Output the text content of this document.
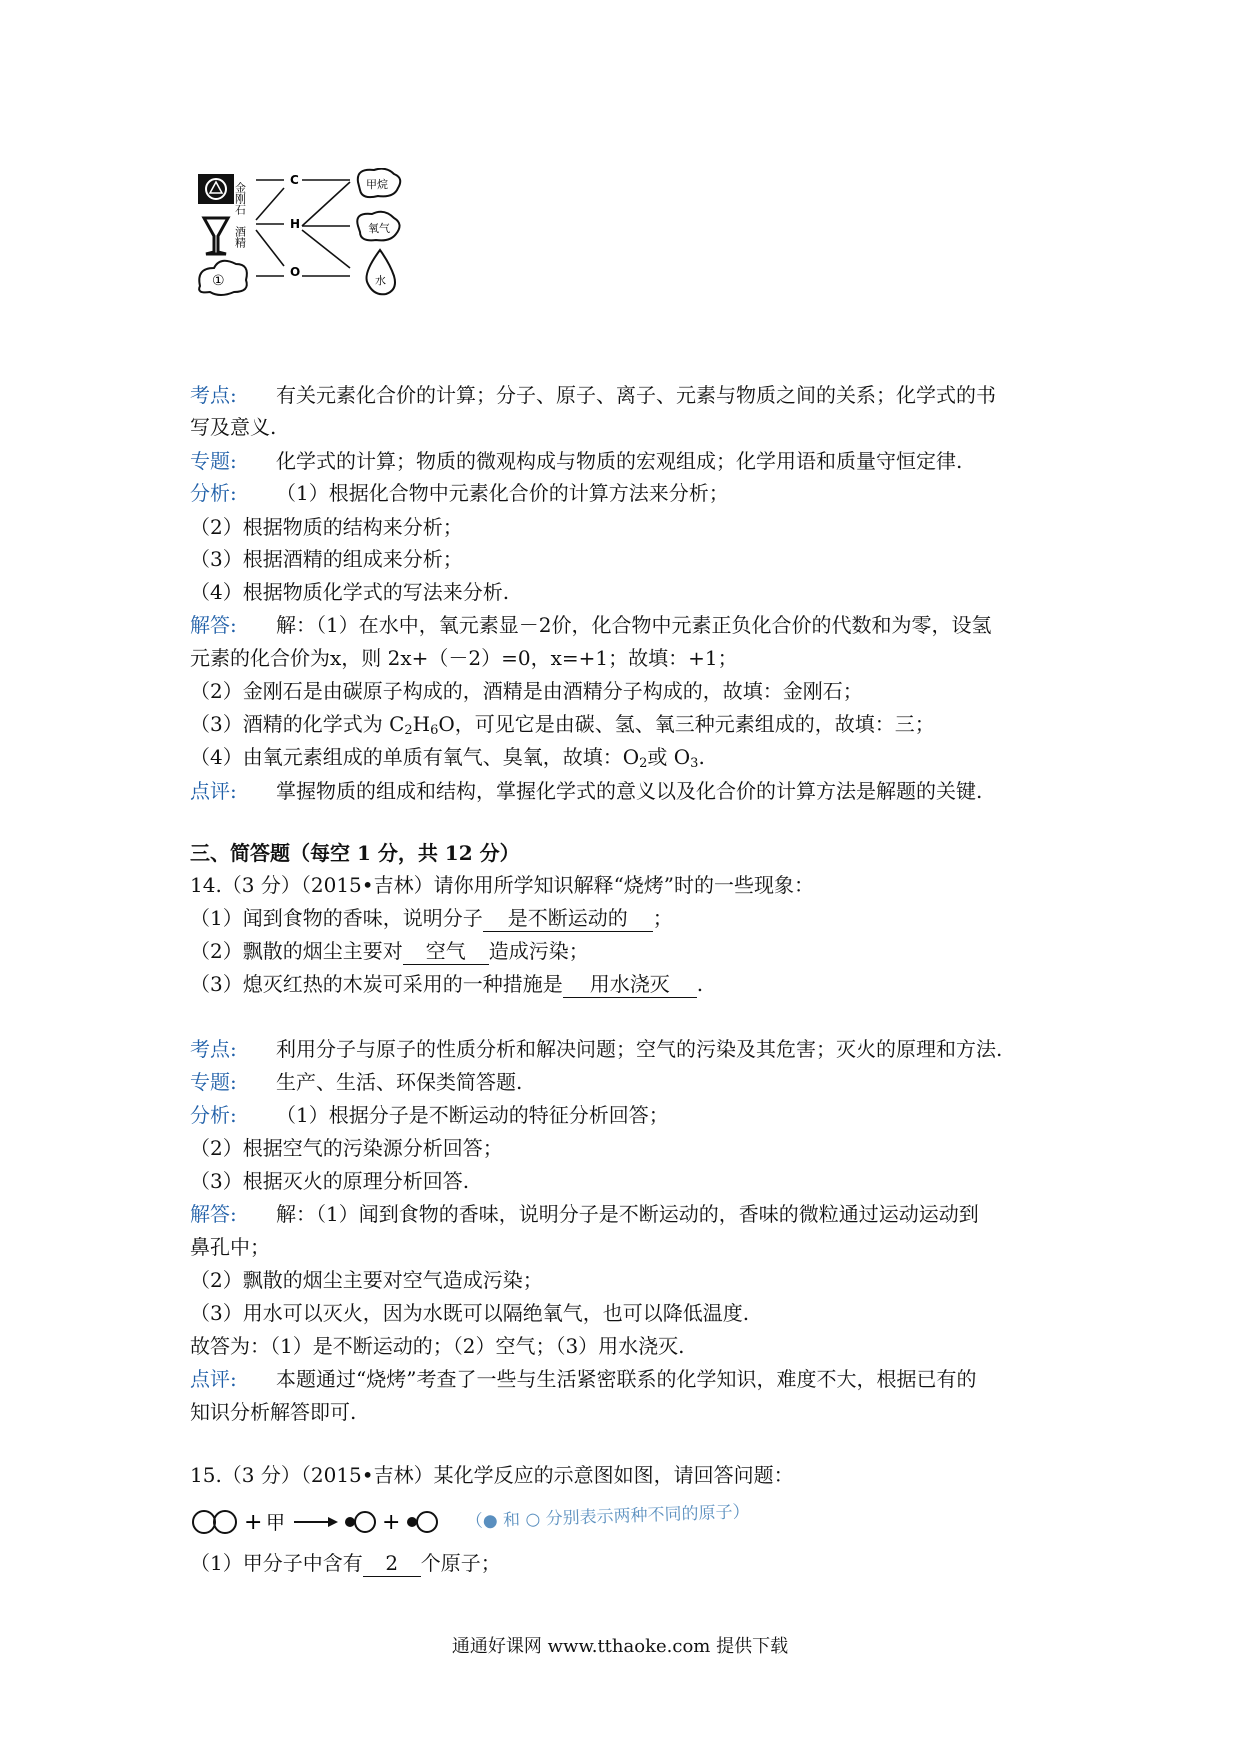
金刚石
酒精
①
C
H
O
甲烷
氧气
水
考点: 有关元素化合价的计算；分子、原子、离子、元素与物质之间的关系；化学式的书
写及意义.
专题: 化学式的计算；物质的微观构成与物质的宏观组成；化学用语和质量守恒定律.
分析: （1）根据化合物中元素化合价的计算方法来分析；
（2）根据物质的结构来分析；
（3）根据酒精的组成来分析；
（4）根据物质化学式的写法来分析.
解答: 解：（1）在水中，氧元素显－2价，化合物中元素正负化合价的代数和为零，设氢
元素的化合价为x，则 2x+（－2）=0，x=+1；故填：+1；
（2）金刚石是由碳原子构成的，酒精是由酒精分子构成的，故填：金刚石；
（3）酒精的化学式为 $C_2H_6O$，可见它是由碳、氢、氧三种元素组成的，故填：三；
（4）由氧元素组成的单质有氧气、臭氧，故填：$O_2$或 $O_3$.
点评: 掌握物质的组成和结构，掌握化学式的意义以及化合价的计算方法是解题的关键.
三、简答题（每空 1 分，共 12 分）
14.（3 分）（2015•吉林）请你用所学知识解释“烧烤”时的一些现象：
（1）闻到食物的香味，说明分子 是不断运动的 ；
（2）飘散的烟尘主要对 空气 造成污染；
（3）熄灭红热的木炭可采用的一种措施是 用水浇灭 .
考点: 利用分子与原子的性质分析和解决问题；空气的污染及其危害；灭火的原理和方法.
专题: 生产、生活、环保类简答题.
分析: （1）根据分子是不断运动的特征分析回答；
（2）根据空气的污染源分析回答；
（3）根据灭火的原理分析回答.
解答: 解：（1）闻到食物的香味，说明分子是不断运动的，香味的微粒通过运动运动到
鼻孔中；
（2）飘散的烟尘主要对空气造成污染；
（3）用水可以灭火，因为水既可以隔绝氧气，也可以降低温度.
故答为：（1）是不断运动的；（2）空气；（3）用水浇灭.
点评: 本题通过“烧烤”考查了一些与生活紧密联系的化学知识，难度不大，根据已有的
知识分析解答即可.
15.（3 分）（2015•吉林）某化学反应的示意图如图，请回答问题：
+ 甲	+	（● 和 ○ 分别表示两种不同的原子）
（1）甲分子中含有 2 个原子；
通通好课网 www.tthaoke.com 提供下载
